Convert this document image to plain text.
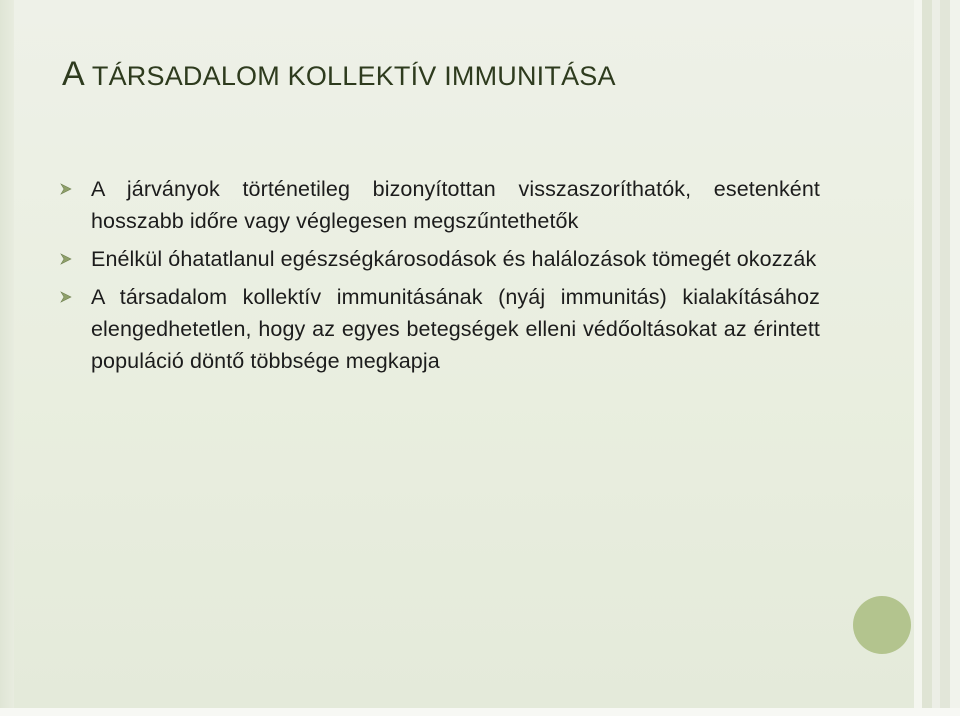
A TÁRSADALOM KOLLEKTÍV IMMUNITÁSA
A járványok történetileg bizonyítottan visszaszoríthatók, esetenként hosszabb időre vagy véglegesen megszűntethetők
Enélkül óhatatlanul egészségkárosodások és halálozások tömegét okozzák
A társadalom kollektív immunitásának (nyáj immunitás) kialakításához elengedhetetlen, hogy az egyes betegségek elleni védőoltásokat az érintett populáció döntő többsége megkapja
